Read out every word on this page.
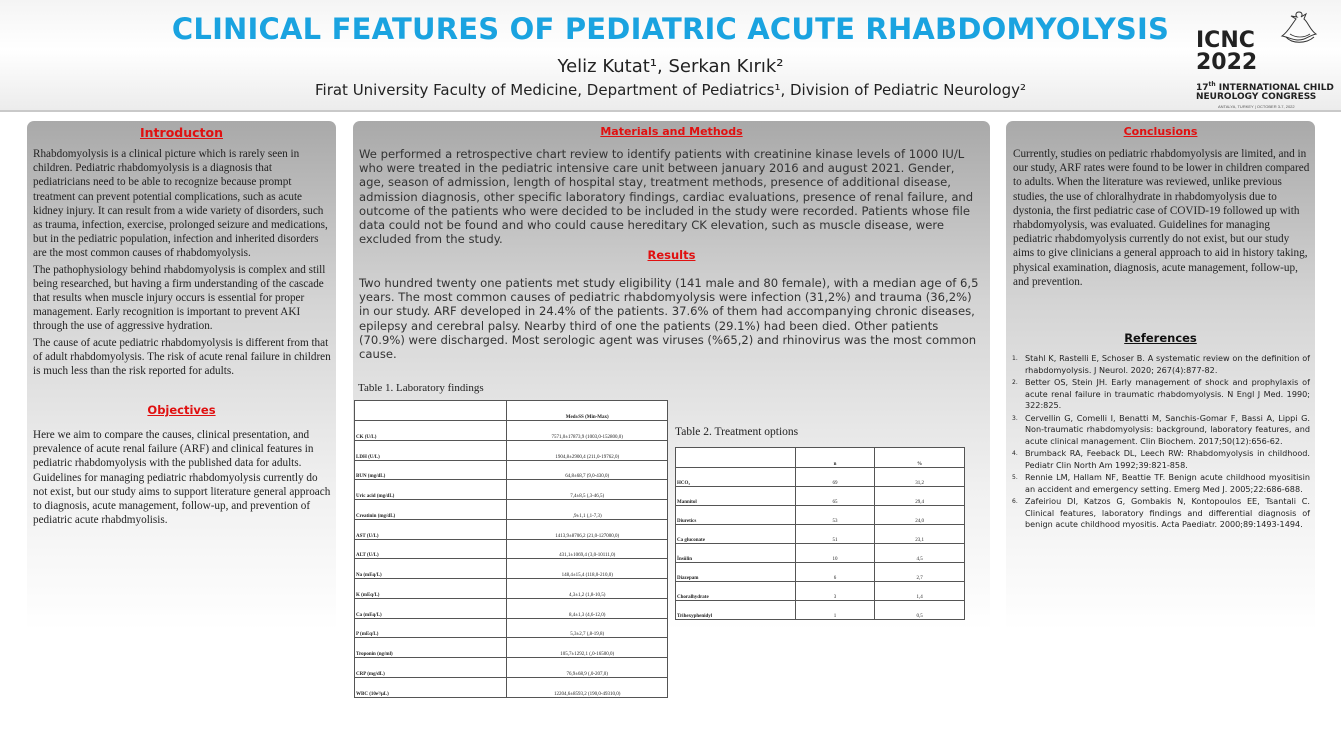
CLINICAL FEATURES OF PEDIATRIC ACUTE RHABDOMYOLYSIS
Yeliz Kutat¹, Serkan Kırık²
Firat University Faculty of Medicine, Department of Pediatrics¹, Division of Pediatric Neurology²
ICNC
2022
17th INTERNATIONAL CHILD
NEUROLOGY CONGRESS
ANTALYA, TURKEY | OCTOBER 3-7, 2022
Introducton

Rhabdomyolysis is a clinical picture which is rarely seen in children. Pediatric rhabdomyolysis is a diagnosis that pediatricians need to be able to recognize because prompt treatment can prevent potential complications, such as acute kidney injury. It can result from a wide variety of disorders, such as trauma, infection, exercise, prolonged seizure and medications, but in the pediatric population, infection and inherited disorders are the most common causes of rhabdomyolysis.

The pathophysiology behind rhabdomyolysis is complex and still being researched, but having a firm understanding of the cascade that results when muscle injury occurs is essential for proper management. Early recognition is important to prevent AKI through the use of aggressive hydration.

The cause of acute pediatric rhabdomyolysis is different from that of adult rhabdomyolysis. The risk of acute renal failure in children is much less than the risk reported for adults.

Objectives
Here we aim to compare the causes, clinical presentation, and prevalence of acute renal failure (ARF) and clinical features in pediatric rhabdomyolysis with the published data for adults. Guidelines for managing pediatric rhabdomyolysis currently do not exist, but our study aims to support literature general approach to diagnosis, acute management, follow-up, and prevention of pediatric acute rhabdmyolisis.
Materials and Methods
We performed a retrospective chart review to identify patients with creatinine kinase levels of 1000 IU/L who were treated in the pediatric intensive care unit between january 2016 and august 2021. Gender, age, season of admission, length of hospital stay, treatment methods, presence of additional disease, admission diagnosis, other specific laboratory findings, cardiac evaluations, presence of renal failure, and outcome of the patients who were decided to be included in the study were recorded. Patients whose file data could not be found and who could cause hereditary CK elevation, such as muscle disease, were excluded from the study.
Results
Two hundred twenty one patients met study eligibility (141 male and 80 female), with a median age of 6,5 years. The most common causes of pediatric rhabdomyolysis were infection (31,2%) and trauma (36,2%) in our study. ARF developed in 24.4% of the patients. 37.6% of them had accompanying chronic diseases, epilepsy and cerebral palsy. Nearby third of one the patients (29.1%) had been died. Other patients (70.9%) were discharged. Most serologic agent was viruses (%65,2) and rhinovirus was the most common cause.
Table 1. Laboratory findings
	Med±SS (Min-Max)
CK (U/L)	7571,0±17873,9 (1003,0-152800,0)
LDH (U/L)	1904,8±2900,4 (211,0-19762,0)
BUN (mg/dL)	64,8±68,7 (9,0-430,0)
Uric acid (mg/dL)	7,4±8,5 (,3-46,5)
Creatinin (mg/dL)	,9±1,1 (,1-7,3)
AST (U/L)	1413,9±8706,2 (21,0-127000,0)
ALT (U/L)	431,1±1069,4 (3,0-10111,0)
Na (mEq/L)	148,4±15,4 (118,0-210,0)
K (mEq/L)	4,3±1,2 (1,8-10,5)
Ca (mEq/L)	8,4±1,3 (4,6-12,0)
P (mEq/L)	5,3±2,7 (,8-19,8)
Troponin (ng/ml)	105,7±1292,1 (,0-16500,0)
CRP (mg/dL)	76,9±68,9 (,0-207,0)
WBC (10e³/μL)	12204,6±8593,2 (190,0-49310,0)
Table 2. Treatment options
	n	%
HCO₃	69	31,2
Mannitol	65	29,4
Diuretics	53	24,0
Ca gluconate	51	23,1
İnsülin	10	4,5
Diazepam	6	2,7
Choralhydrate	3	1,4
Trihexyphenidyl	1	0,5
Conclusions
Currently, studies on pediatric rhabdomyolysis are limited, and in our study, ARF rates were found to be lower in children compared to adults. When the literature was reviewed, unlike previous studies, the use of chloralhydrate in rhabdomyolysis due to dystonia, the first pediatric case of COVID-19 followed up with rhabdomyolysis, was evaluated. Guidelines for managing pediatric rhabdomyolysis currently do not exist, but our study aims to give clinicians a general approach to aid in history taking, physical examination, diagnosis, acute management, follow-up, and prevention.
References
1. Stahl K, Rastelli E, Schoser B. A systematic review on the definition of rhabdomyolysis. J Neurol. 2020; 267(4):877-82.
2. Better OS, Stein JH. Early management of shock and prophylaxis of acute renal failure in traumatic rhabdomyolysis. N Engl J Med. 1990; 322:825.
3. Cervellin G, Comelli I, Benatti M, Sanchis-Gomar F, Bassi A, Lippi G. Non-traumatic rhabdomyolysis: background, laboratory features, and acute clinical management. Clin Biochem. 2017;50(12):656-62.
4. Brumback RA, Feeback DL, Leech RW: Rhabdomyolysis in childhood. Pediatr Clin North Am 1992;39:821-858.
5. Rennie LM, Hallam NF, Beattie TF. Benign acute childhood myositisin an accident and emergency setting. Emerg Med J. 2005;22:686-688.
6. Zafeiriou DI, Katzos G, Gombakis N, Kontopoulos EE, Tsantali C. Clinical features, laboratory findings and differential diagnosis of benign acute childhood myositis. Acta Paediatr. 2000;89:1493-1494.
